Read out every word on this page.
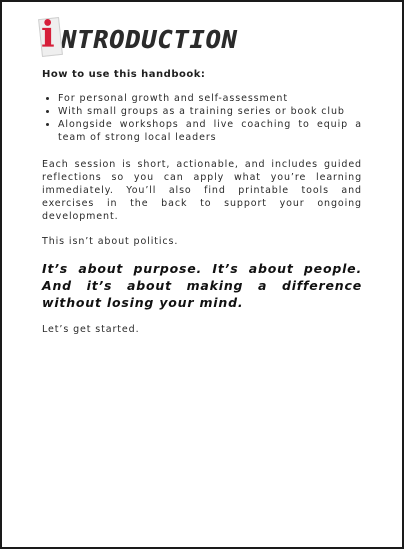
i NTRODUCTION
How to use this handbook:
• For personal growth and self-assessment
• With small groups as a training series or book club
• Alongside workshops and live coaching to equip a team of strong local leaders

Each session is short, actionable, and includes guided reflections so you can apply what you’re learning immediately. You’ll also find printable tools and exercises in the back to support your ongoing development.

This isn’t about politics.

It’s about purpose. It’s about people. And it’s about making a difference without losing your mind.

Let’s get started.
